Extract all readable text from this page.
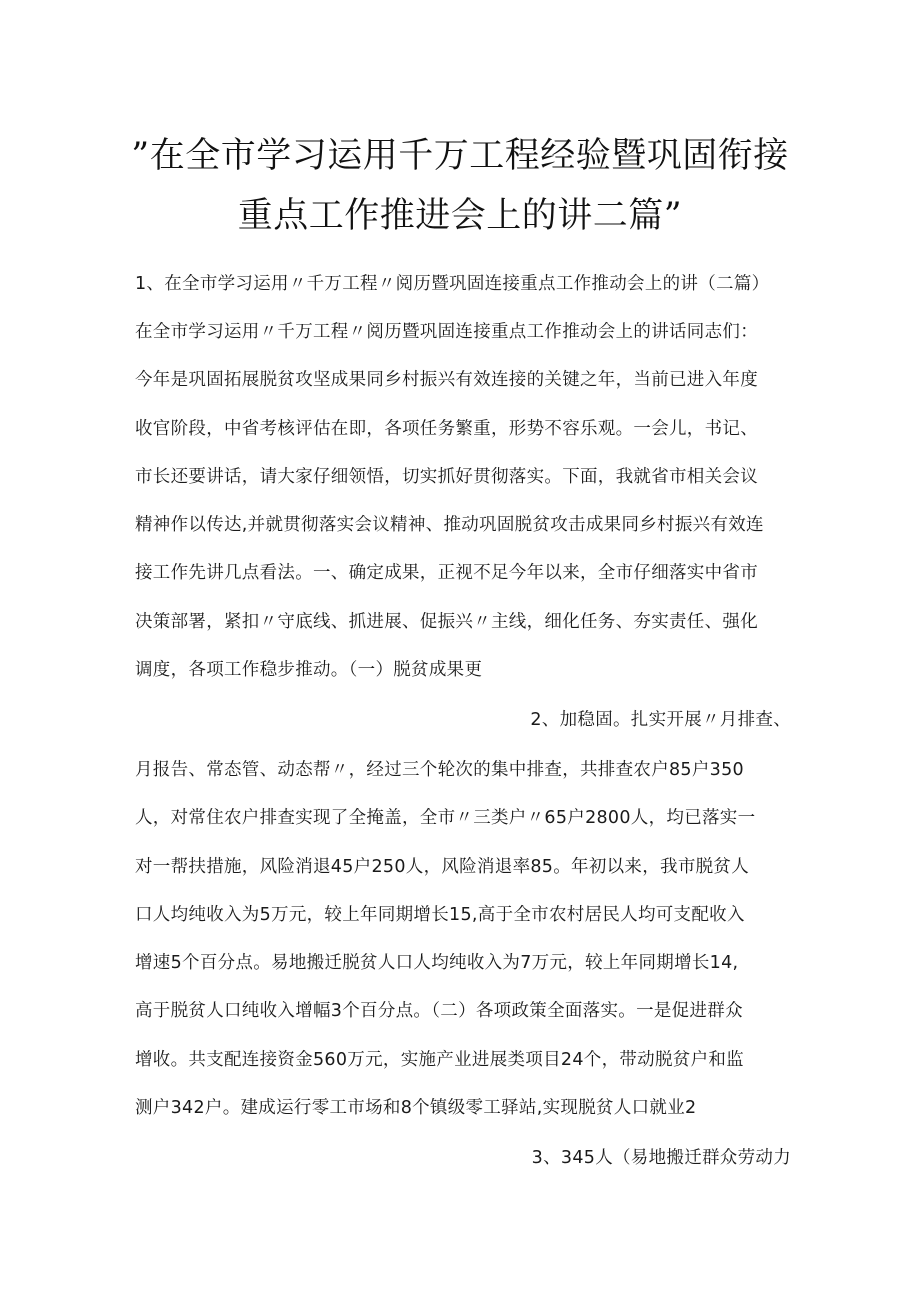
”在全市学习运用千万工程经验暨巩固衔接
重点工作推进会上的讲二篇”
1、在全市学习运用〃千万工程〃阅历暨巩固连接重点工作推动会上的讲（二篇）
在全市学习运用〃千万工程〃阅历暨巩固连接重点工作推动会上的讲话同志们：
今年是巩固拓展脱贫攻坚成果同乡村振兴有效连接的关键之年，当前已进入年度
收官阶段，中省考核评估在即，各项任务繁重，形势不容乐观。一会儿，书记、
市长还要讲话，请大家仔细领悟，切实抓好贯彻落实。下面，我就省市相关会议
精神作以传达,并就贯彻落实会议精神、推动巩固脱贫攻击成果同乡村振兴有效连
接工作先讲几点看法。一、确定成果，正视不足今年以来，全市仔细落实中省市
决策部署，紧扣〃守底线、抓进展、促振兴〃主线，细化任务、夯实责任、强化
调度，各项工作稳步推动。（一）脱贫成果更
2、加稳固。扎实开展〃月排查、
月报告、常态管、动态帮〃，经过三个轮次的集中排查，共排查农户85户350
人，对常住农户排查实现了全掩盖，全市〃三类户〃65户2800人，均已落实一
对一帮扶措施，风险消退45户250人，风险消退率85。年初以来，我市脱贫人
口人均纯收入为5万元，较上年同期增长15,高于全市农村居民人均可支配收入
增速5个百分点。易地搬迁脱贫人口人均纯收入为7万元，较上年同期增长14,
高于脱贫人口纯收入增幅3个百分点。（二）各项政策全面落实。一是促进群众
增收。共支配连接资金560万元，实施产业进展类项目24个，带动脱贫户和监
测户342户。建成运行零工市场和8个镇级零工驿站,实现脱贫人口就业2
3、345人（易地搬迁群众劳动力
